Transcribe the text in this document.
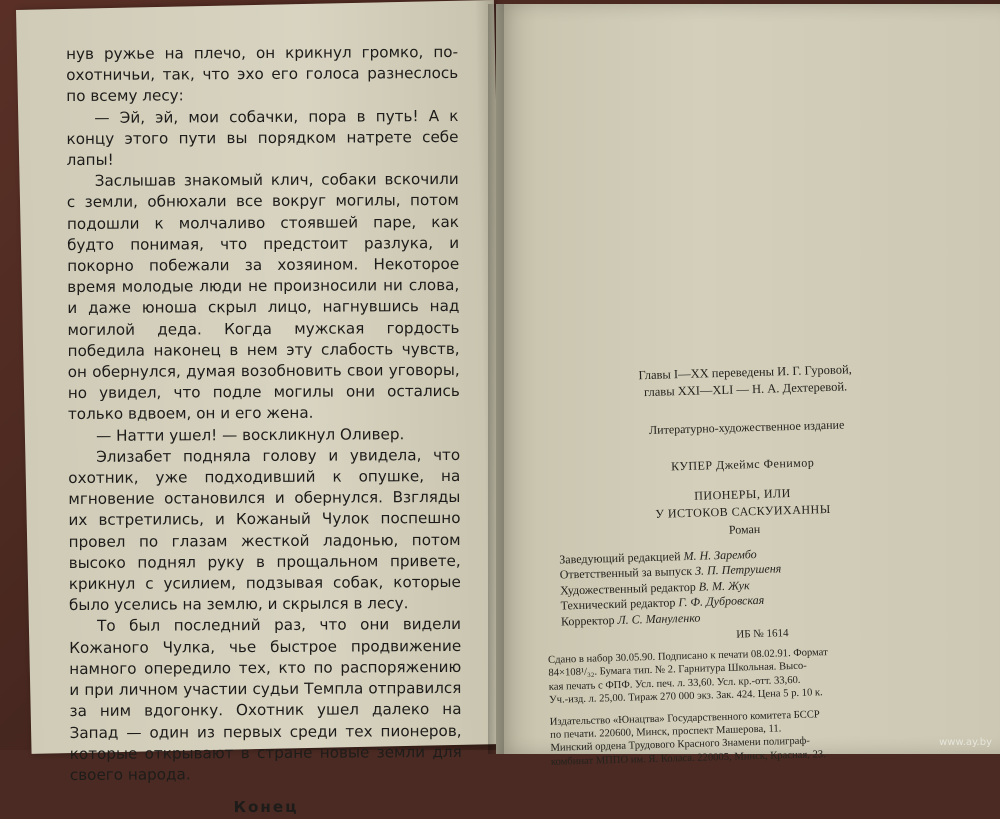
нув ружье на плечо, он крикнул громко, по-охотничьи, так, что эхо его голоса разнеслось по всему лесу:

— Эй, эй, мои собачки, пора в путь! А к концу этого пути вы порядком натрете себе лапы!

Заслышав знакомый клич, собаки вскочили с земли, обнюхали все вокруг могилы, потом подошли к молчаливо стоявшей паре, как будто понимая, что предстоит разлука, и покорно побежали за хозяином. Некоторое время молодые люди не произносили ни слова, и даже юноша скрыл лицо, нагнувшись над могилой деда. Когда мужская гордость победила наконец в нем эту слабость чувств, он обернулся, думая возобновить свои уговоры, но увидел, что подле могилы они остались только вдвоем, он и его жена.

— Натти ушел! — воскликнул Оливер.

Элизабет подняла голову и увидела, что охотник, уже подходивший к опушке, на мгновение остановился и обернулся. Взгляды их встретились, и Кожаный Чулок поспешно провел по глазам жесткой ладонью, потом высоко поднял руку в прощальном привете, крикнул с усилием, подзывая собак, которые было уселись на землю, и скрылся в лесу.

То был последний раз, что они видели Кожаного Чулка, чье быстрое продвижение намного опередило тех, кто по распоряжению и при личном участии судьи Темпла отправился за ним вдогонку. Охотник ушел далеко на Запад — один из первых среди тех пионеров, которые открывают в стране новые земли для своего народа.

Конец
Главы I—XX переведены И. Г. Гуровой,
главы XXI—XLI — Н. А. Дехтеревой.
Литературно-художественное издание
КУПЕР Джеймс Фенимор
ПИОНЕРЫ, ИЛИ
У ИСТОКОВ САСКУИХАННЫ
Роман
Заведующий редакцией М. Н. Зарембо
Ответственный за выпуск З. П. Петрушеня
Художественный редактор В. М. Жук
Технический редактор Г. Ф. Дубровская
Корректор Л. С. Мануленко
ИБ № 1614
Сдано в набор 30.05.90. Подписано к печати 08.02.91. Формат
84×108¹/₃₂. Бумага тип. № 2. Гарнитура Школьная. Высо-
кая печать с ФПФ. Усл. печ. л. 33,60. Усл. кр.-отт. 33,60.
Уч.-изд. л. 25,00. Тираж 270 000 экз. Зак. 424. Цена 5 р. 10 к.
Издательство «Юнацтва» Государственного комитета БССР
по печати. 220600, Минск, проспект Машерова, 11.
Минский ордена Трудового Красного Знамени полиграф-
комбинат МППО им. Я. Коласа. 220005, Минск, Красная, 23.
www.ay.by
